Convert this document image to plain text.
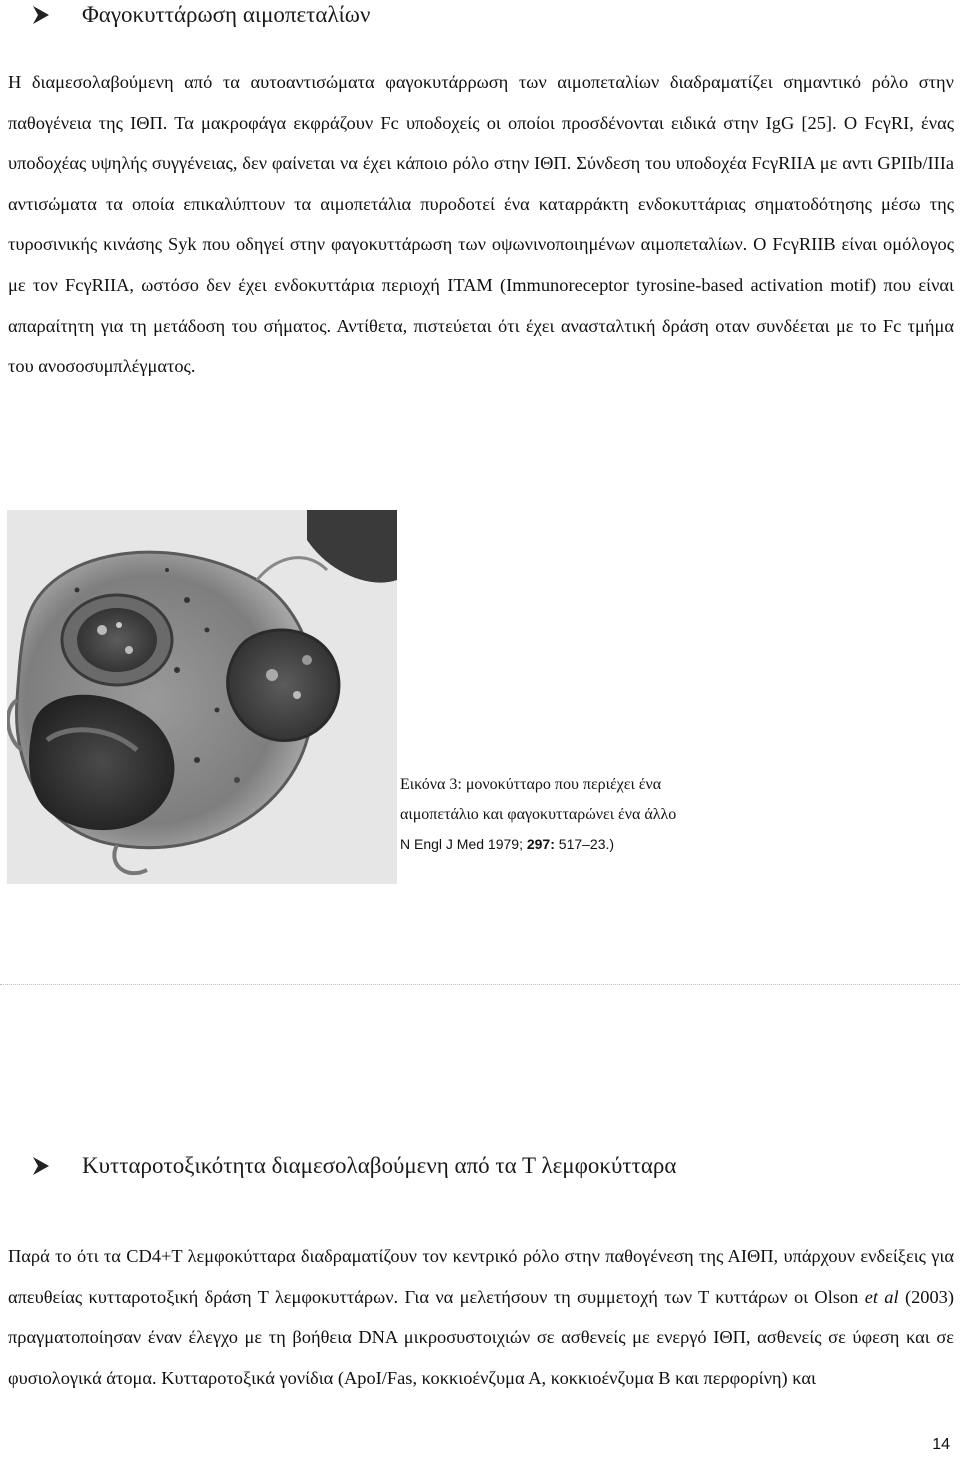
Φαγοκυττάρωση αιμοπεταλίων

Η διαμεσολαβούμενη από τα αυτοαντισώματα φαγοκυτάρρωση των αιμοπεταλίων διαδραματίζει σημαντικό ρόλο στην παθογένεια της ΙΘΠ. Τα μακροφάγα εκφράζουν Fc υποδοχείς οι οποίοι προσδένονται ειδικά στην IgG [25]. Ο FcγRI, ένας υποδοχέας υψηλής συγγένειας, δεν φαίνεται να έχει κάποιο ρόλο στην ΙΘΠ. Σύνδεση του υποδοχέα FcγRIIA με αντι GPIIb/IIIa αντισώματα τα οποία επικαλύπτουν τα αιμοπετάλια πυροδοτεί ένα καταρράκτη ενδοκυττάριας σηματοδότησης μέσω της τυροσινικής κινάσης Syk που οδηγεί στην φαγοκυττάρωση των οψωνινοποιημένων αιμοπεταλίων. Ο FcγRIIB είναι ομόλογος με τον FcγRIIA, ωστόσο δεν έχει ενδοκυττάρια περιοχή ITAM (Immunoreceptor tyrosine-based activation motif) που είναι απαραίτητη για τη μετάδοση του σήματος. Αντίθετα, πιστεύεται ότι έχει ανασταλτική δράση οταν συνδέεται με το Fc τμήμα του ανοσοσυμπλέγματος.

Εικόνα 3: μονοκύτταρο που περιέχει ένα
αιμοπετάλιο και φαγοκυτταρώνει ένα άλλο
N Engl J Med 1979; 297: 517–23.)
Κυτταροτοξικότητα διαμεσολαβούμενη από τα Τ λεμφοκύτταρα

Παρά το ότι τα CD4+T λεμφοκύτταρα διαδραματίζουν τον κεντρικό ρόλο στην παθογένεση της ΑΙΘΠ, υπάρχουν ενδείξεις για απευθείας κυτταροτοξική δράση Τ λεμφοκυττάρων. Για να μελετήσουν τη συμμετοχή των Τ κυττάρων οι Olson et al (2003) πραγματοποίησαν έναν έλεγχο με τη βοήθεια DNA μικροσυστοιχιών σε ασθενείς με ενεργό ΙΘΠ, ασθενείς σε ύφεση και σε φυσιολογικά άτομα. Κυτταροτοξικά γονίδια (ApoI/Fas, κοκκιοένζυμα Α, κοκκιοένζυμα Β και περφορίνη) και

14
